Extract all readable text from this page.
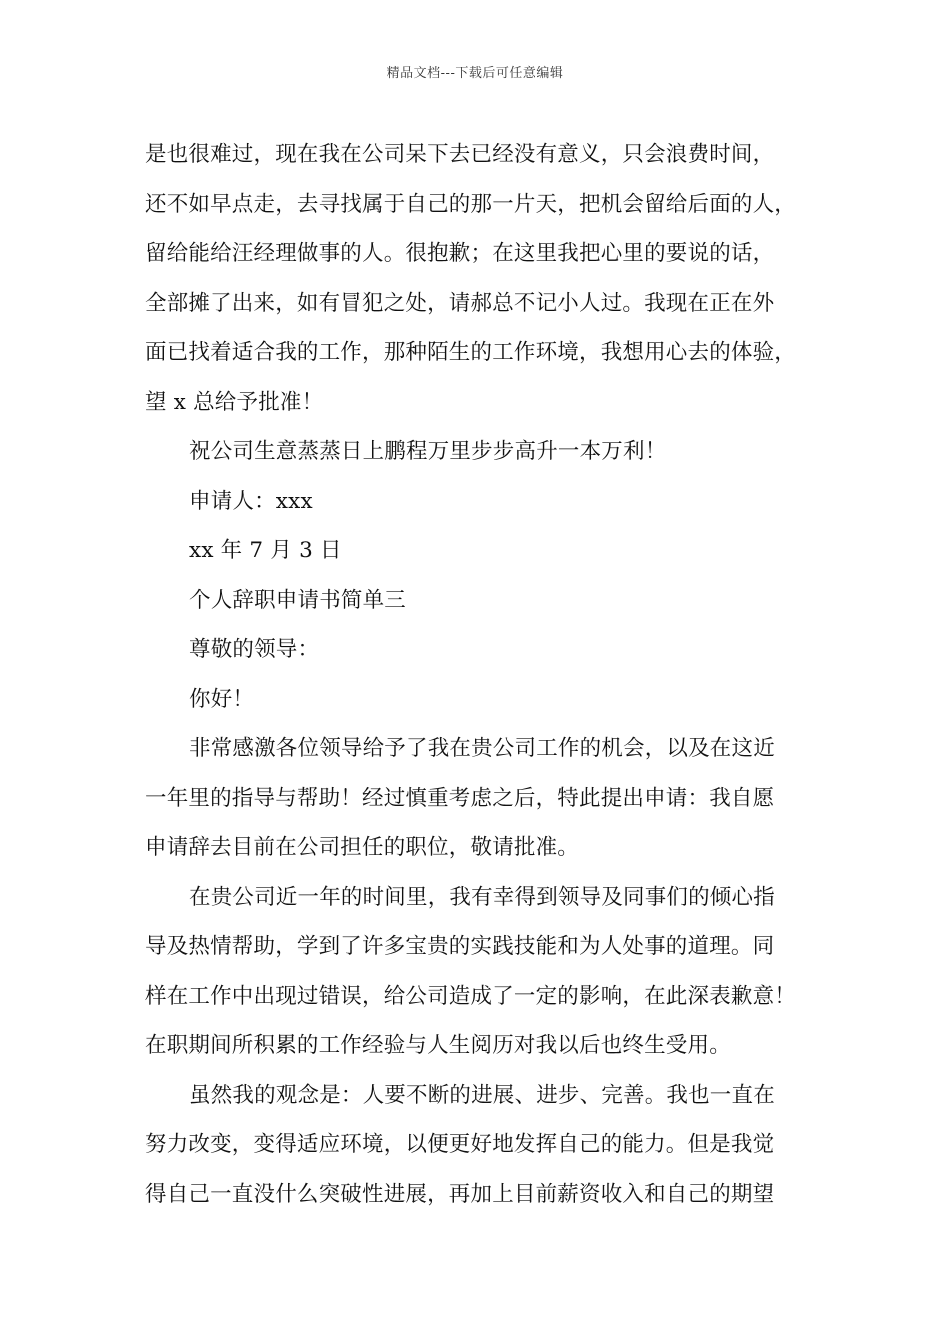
精品文档---下载后可任意编辑
是也很难过，现在我在公司呆下去已经没有意义，只会浪费时间，
还不如早点走，去寻找属于自己的那一片天，把机会留给后面的人，
留给能给汪经理做事的人。很抱歉；在这里我把心里的要说的话，
全部摊了出来，如有冒犯之处，请郝总不记小人过。我现在正在外
面已找着适合我的工作，那种陌生的工作环境，我想用心去的体验，
望 x 总给予批准！
祝公司生意蒸蒸日上鹏程万里步步高升一本万利！
申请人：xxx
xx 年 7 月 3 日
个人辞职申请书简单三
尊敬的领导：
你好！
非常感激各位领导给予了我在贵公司工作的机会，以及在这近
一年里的指导与帮助！经过慎重考虑之后，特此提出申请：我自愿
申请辞去目前在公司担任的职位，敬请批准。
在贵公司近一年的时间里，我有幸得到领导及同事们的倾心指
导及热情帮助，学到了许多宝贵的实践技能和为人处事的道理。同
样在工作中出现过错误，给公司造成了一定的影响，在此深表歉意！
在职期间所积累的工作经验与人生阅历对我以后也终生受用。
虽然我的观念是：人要不断的进展、进步、完善。我也一直在
努力改变，变得适应环境，以便更好地发挥自己的能力。但是我觉
得自己一直没什么突破性进展，再加上目前薪资收入和自己的期望
